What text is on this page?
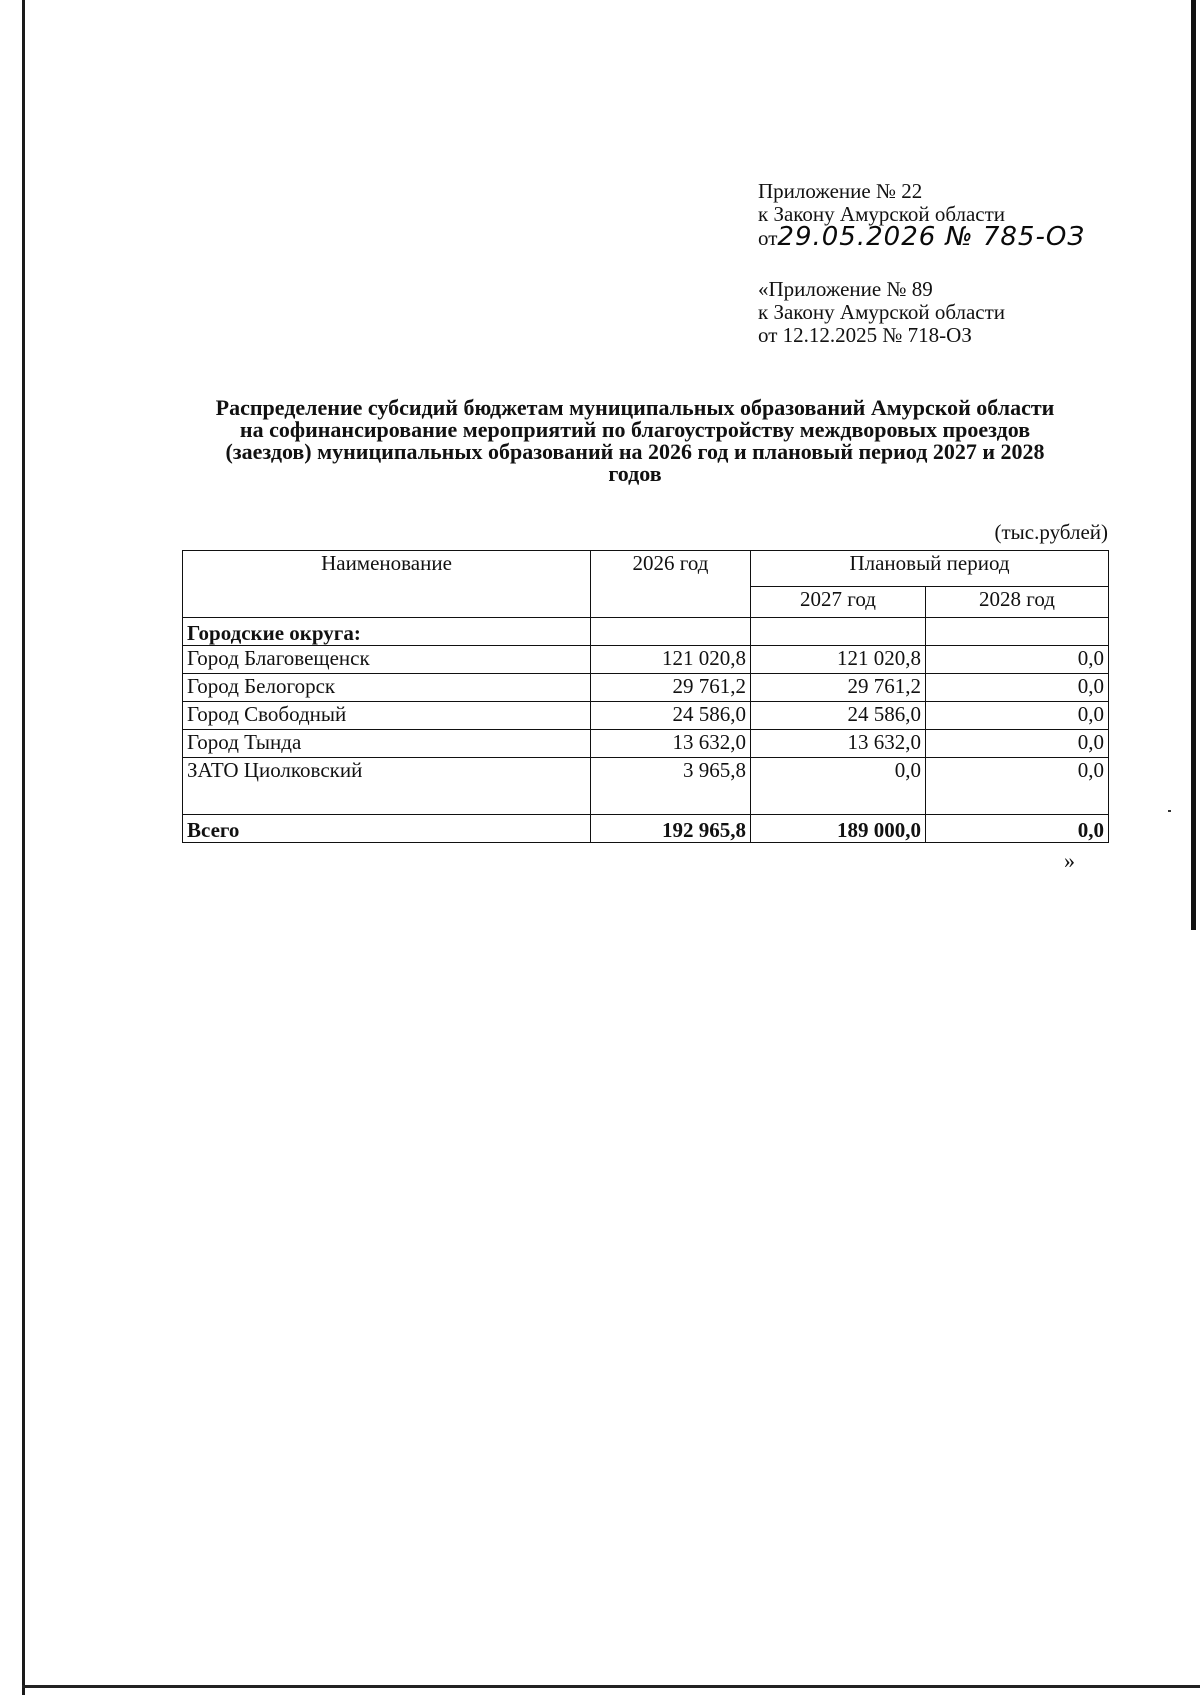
Приложение № 22
к Закону Амурской области
от29.05.2026 № 785-ОЗ
«Приложение № 89
к Закону Амурской области
от 12.12.2025 № 718-ОЗ
Распределение субсидий бюджетам муниципальных образований Амурской области
на софинансирование мероприятий по благоустройству междворовых проездов
(заездов) муниципальных образований на 2026 год и плановый период 2027 и 2028
годов
(тыс.рублей)
Наименование	2026 год	Плановый период	
		2027 год	2028 год
Городские округа:			
Город Благовещенск	121 020,8	121 020,8	0,0
Город Белогорск	29 761,2	29 761,2	0,0
Город Свободный	24 586,0	24 586,0	0,0
Город Тында	13 632,0	13 632,0	0,0
ЗАТО Циолковский	3 965,8	0,0	0,0
Всего	192 965,8	189 000,0	0,0
»
